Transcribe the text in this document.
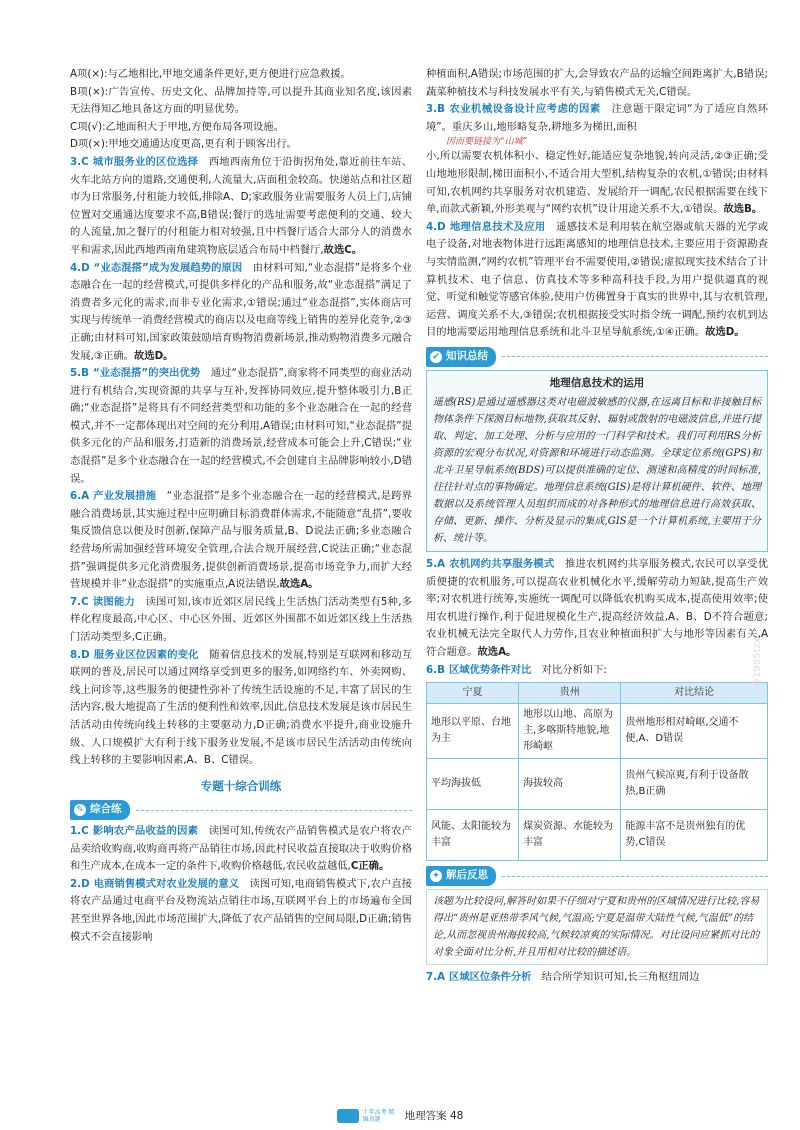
A项(×):与乙地相比,甲地交通条件更好,更方便进行应急救援。

B项(×):广告宣传、历史文化、品牌加持等,可以提升其商业知名度,该因素无法得知乙地具备这方面的明显优势。

C项(√):乙地面积大于甲地,方便布局各项设施。

D项(×):甲地交通通达度更高,更有利于顾客出行。

3.C 城市服务业的区位选择　 西地西南角位于沿街拐角处,靠近前往车站、火车北站方向的道路,交通便利,人流量大,店面租金较高。快递站点和社区超市为日常服务,付租能力较低,排除A、D;家政服务业需要服务人员上门,店铺位置对交通通达度要求不高,B错误;餐厅的选址需要考虑便利的交通、较大的人流量,加之餐厅的付租能力相对较强,且中档餐厅适合大部分人的消费水平和需求,因此西地西南角建筑物底层适合布局中档餐厅,故选C。

4.D “业态混搭”成为发展趋势的原因　 由材料可知,“业态混搭”是将多个业态融合在一起的经营模式,可提供多样化的产品和服务,故“业态混搭”满足了消费者多元化的需求,而非专业化需求,①错误;通过“业态混搭”,实体商店可实现与传统单一消费经营模式的商店以及电商等线上销售的差异化竞争,②③正确;由材料可知,国家政策鼓励培育购物消费新场景,推动购物消费多元融合发展,③正确。故选D。

5.B “业态混搭”的突出优势　 通过“业态混搭”,商家将不同类型的商业活动进行有机结合,实现资源的共享与互补,发挥协同效应,提升整体吸引力,B正确;“业态混搭”是将具有不同经营类型和功能的多个业态融合在一起的经营模式,并不一定都体现出对空间的充分利用,A错误;由材料可知,“业态混搭”提供多元化的产品和服务,打造新的消费场景,经营成本可能会上升,C错误;“业态混搭”是多个业态融合在一起的经营模式,不会创建自主品牌影响较小,D错误。

6.A 产业发展措施　 “业态混搭”是多个业态融合在一起的经营模式,是跨界融合消费场景,其实施过程中应明确目标消费群体需求,不能随意“乱搭”,要收集反馈信息以便及时创新,保障产品与服务质量,B、D说法正确;多业态融合经营场所需加强经营环境安全管理,合法合规开展经营,C说法正确;“业态混搭”强调提供多元化消费服务,提供创新消费场景,提高市场竞争力,而扩大经营规模并非“业态混搭”的实施重点,A说法错误,故选A。

7.C 读图能力　 读图可知,该市近郊区居民线上生活热门活动类型有5种,多样化程度最高,中心区、中心区外围、近郊区外围都不如近郊区线上生活热门活动类型多,C正确。

8.D 服务业区位因素的变化　 随着信息技术的发展,特别是互联网和移动互联网的普及,居民可以通过网络享受到更多的服务,如网络约车、外卖网购、线上问诊等,这些服务的便捷性弥补了传统生活设施的不足,丰富了居民的生活内容,极大地提高了生活的便利性和效率,因此,信息技术发展是该市居民生活活动由传统向线上转移的主要驱动力,D正确;消费水平提升,商业设施升级、人口规模扩大有利于线下服务业发展,不是该市居民生活活动由传统向线上转移的主要影响因素,A、B、C错误。

专题十综合训练
✎ 综合练

1.C 影响农产品收益的因素　 读图可知,传统农产品销售模式是农户将农产品卖给收购商,收购商再将产品销往市场,因此村民收益直接取决于收购价格和生产成本,在成本一定的条件下,收购价格越低,农民收益越低,C正确。

2.D 电商销售模式对农业发展的意义　 读图可知,电商销售模式下,农户直接将农产品通过电商平台及物流站点销往市场,互联网平台上的市场遍布全国甚至世界各地,因此市场范围扩大,降低了农产品销售的空间局限,D正确;销售模式不会直接影响

种植面积,A错误;市场范围的扩大,会导致农产品的运输空间距离扩大,B错误;蔬菜种植技术与科技发展水平有关,与销售模式无关,C错误。

3.B 农业机械设备设计应考虑的因素　 注意题干限定词“为了适应自然环境”。重庆多山,地形略复杂,耕地多为梯田,面积

因而要链接为“山城”

小,所以需要农机体积小、稳定性好,能适应复杂地貌,转向灵活,②③正确;受山地地形限制,梯田面积小,不适合用大型机,结构复杂的农机,①错误;由材料可知,农机网约共享服务对农机建造、发展给开一调配,农民根据需要在线下单,而款式新颖,外形美观与“网约农机”设计用途关系不大,①错误。故选B。

4.D 地理信息技术及应用　 遥感技术是利用装在航空器或航天器的光学或电子设备,对地表物体进行远距离感知的地理信息技术,主要应用于资源勘查与实情监测,“网约农机”管理平台不需要使用,②错误;虚拟现实技术结合了计算机技术、电子信息、仿真技术等多种高科技手段,为用户提供逼真的视觉、听觉和触觉等感官体验,使用户仿佛置身于真实的世界中,其与农机管理,运营、调度关系不大,③错误;农机根据接受实时指令统一调配,预约农机到达目的地需要运用地理信息系统和北斗卫星导航系统,①④正确。故选D。

✔ 知识总结
地理信息技术的运用

遥感(RS)是通过遥感器这类对电磁波敏感的仪器,在远离目标和非接触目标物体条件下探测目标地物,获取其反射、辐射或散射的电磁波信息,并进行提取、判定、加工处理、分析与应用的一门科学和技术。我们可利用RS分析资源的宏观分布状况,对资源和环境进行动态监测。全球定位系统(GPS)和北斗卫星导航系统(BDS)可以提供准确的定位、测速和高精度的时间标准,往往针对点的事物确定。地理信息系统(GIS)是将计算机硬件、软件、地理数据以及系统管理人员组织而成的对各种形式的地理信息进行高效获取、存储、更新、操作、分析及显示的集成,GIS是一个计算机系统,主要用于分析、统计等。

5.A 农机网约共享服务模式　 推进农机网约共享服务模式,农民可以享受优质便捷的农机服务,可以提高农业机械化水平,缓解劳动力短缺,提高生产效率;对农机进行统筹,实施统一调配可以降低农机购买成本,提高使用效率;使用农机进行操作,利于促进规模化生产,提高经济效益,A、B、D不符合题意;农业机械无法完全取代人力劳作,且农业种植面积扩大与地形等因素有关,A符合题意。故选A。

6.B 区域优势条件对比　 对比分析如下:

宁夏	贵州	对比结论
地形以平原、台地为主	地形以山地、高原为主,多喀斯特地貌,地形崎岖	贵州地形相对崎岖,交通不便,A、D错误
平均海拔低	海拔较高	贵州气候凉爽,有利于设备散热,B正确
风能、太阳能较为丰富	煤炭资源、水能较为丰富	能源丰富不是贵州独有的优势,C错误
✦ 解后反思
该题为比较设问,解答时如果不仔细对宁夏和贵州的区域情况进行比较,容易得出“贵州是亚热带季风气候,气温高;宁夏是温带大陆性气候,气温低”的结论,从而忽视贵州海拔较高,气候较凉爽的实际情况。对比设问应紧抓对比的对象全面对比分析,并且用相对比较的描述语。

7.A 区域区位条件分析　 结合所学知识可知,长三角枢纽周边

@1985tzx
十年高考 精编真题 地理答案 48
